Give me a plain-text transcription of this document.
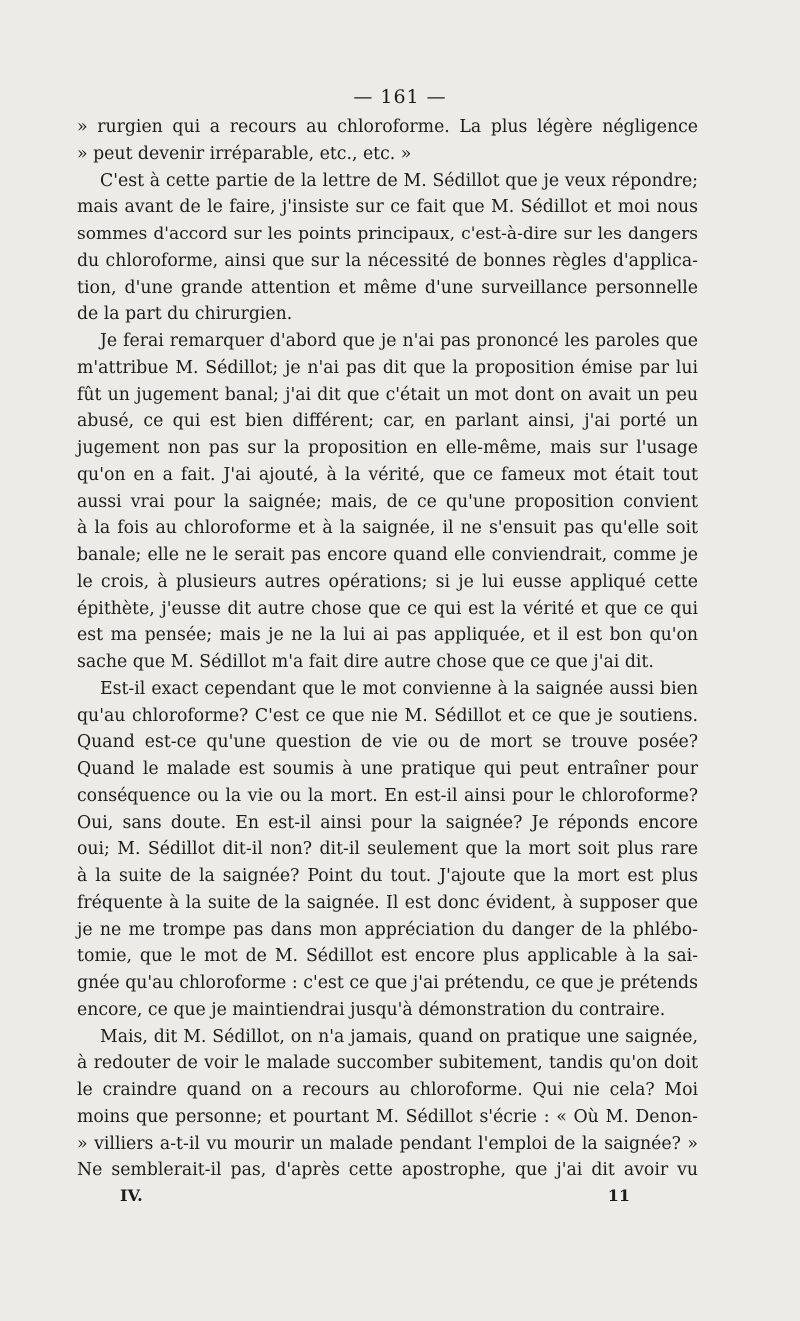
— 161 —
» rurgien qui a recours au chloroforme. La plus légère négligence
» peut devenir irréparable, etc., etc. »
C'est à cette partie de la lettre de M. Sédillot que je veux répondre;
mais avant de le faire, j'insiste sur ce fait que M. Sédillot et moi nous
sommes d'accord sur les points principaux, c'est-à-dire sur les dangers
du chloroforme, ainsi que sur la nécessité de bonnes règles d'applica-
tion, d'une grande attention et même d'une surveillance personnelle
de la part du chirurgien.
Je ferai remarquer d'abord que je n'ai pas prononcé les paroles que
m'attribue M. Sédillot; je n'ai pas dit que la proposition émise par lui
fût un jugement banal; j'ai dit que c'était un mot dont on avait un peu
abusé, ce qui est bien différent; car, en parlant ainsi, j'ai porté un
jugement non pas sur la proposition en elle-même, mais sur l'usage
qu'on en a fait. J'ai ajouté, à la vérité, que ce fameux mot était tout
aussi vrai pour la saignée; mais, de ce qu'une proposition convient
à la fois au chloroforme et à la saignée, il ne s'ensuit pas qu'elle soit
banale; elle ne le serait pas encore quand elle conviendrait, comme je
le crois, à plusieurs autres opérations; si je lui eusse appliqué cette
épithète, j'eusse dit autre chose que ce qui est la vérité et que ce qui
est ma pensée; mais je ne la lui ai pas appliquée, et il est bon qu'on
sache que M. Sédillot m'a fait dire autre chose que ce que j'ai dit.
Est-il exact cependant que le mot convienne à la saignée aussi bien
qu'au chloroforme? C'est ce que nie M. Sédillot et ce que je soutiens.
Quand est-ce qu'une question de vie ou de mort se trouve posée?
Quand le malade est soumis à une pratique qui peut entraîner pour
conséquence ou la vie ou la mort. En est-il ainsi pour le chloroforme?
Oui, sans doute. En est-il ainsi pour la saignée? Je réponds encore
oui; M. Sédillot dit-il non? dit-il seulement que la mort soit plus rare
à la suite de la saignée? Point du tout. J'ajoute que la mort est plus
fréquente à la suite de la saignée. Il est donc évident, à supposer que
je ne me trompe pas dans mon appréciation du danger de la phlébo-
tomie, que le mot de M. Sédillot est encore plus applicable à la sai-
gnée qu'au chloroforme : c'est ce que j'ai prétendu, ce que je prétends
encore, ce que je maintiendrai jusqu'à démonstration du contraire.
Mais, dit M. Sédillot, on n'a jamais, quand on pratique une saignée,
à redouter de voir le malade succomber subitement, tandis qu'on doit
le craindre quand on a recours au chloroforme. Qui nie cela? Moi
moins que personne; et pourtant M. Sédillot s'écrie : « Où M. Denon-
» villiers a-t-il vu mourir un malade pendant l'emploi de la saignée? »
Ne semblerait-il pas, d'après cette apostrophe, que j'ai dit avoir vu
IV.	11
